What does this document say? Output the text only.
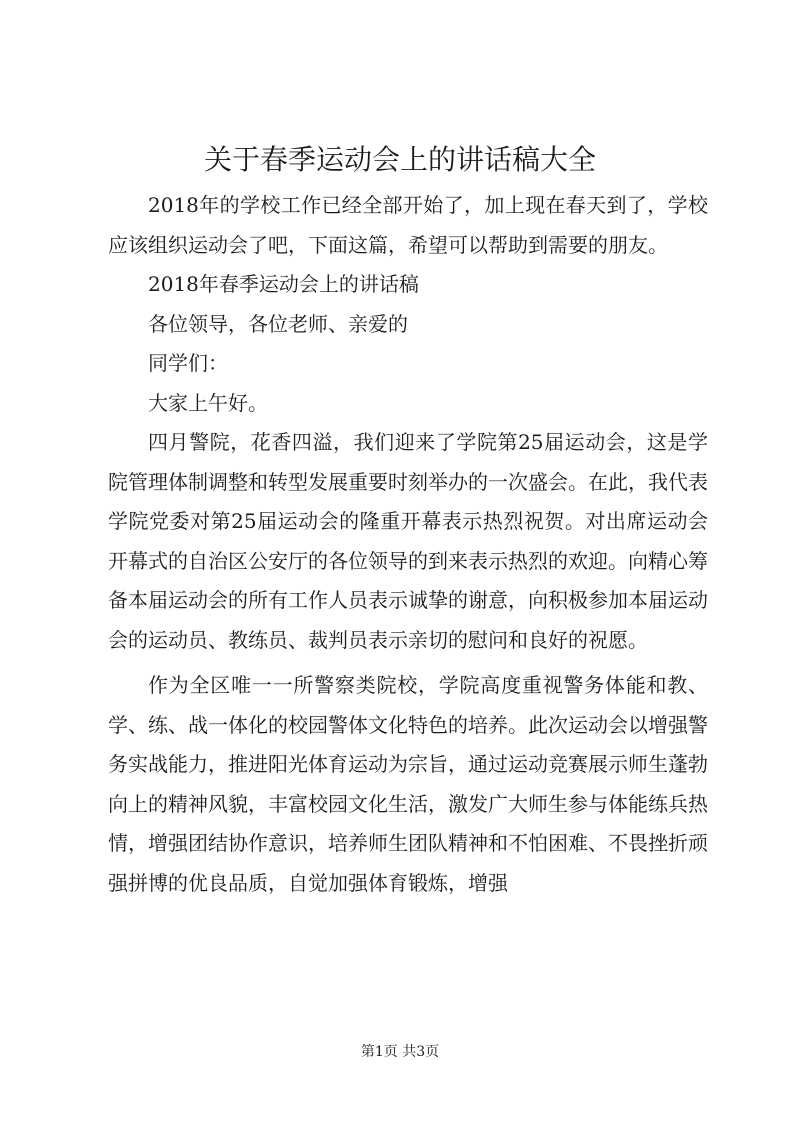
关于春季运动会上的讲话稿大全

2018年的学校工作已经全部开始了，加上现在春天到了，学校应该组织运动会了吧，下面这篇，希望可以帮助到需要的朋友。

2018年春季运动会上的讲话稿

各位领导，各位老师、亲爱的

同学们：

大家上午好。

四月警院，花香四溢，我们迎来了学院第25届运动会，这是学院管理体制调整和转型发展重要时刻举办的一次盛会。在此，我代表学院党委对第25届运动会的隆重开幕表示热烈祝贺。对出席运动会开幕式的自治区公安厅的各位领导的到来表示热烈的欢迎。向精心筹备本届运动会的所有工作人员表示诚挚的谢意，向积极参加本届运动会的运动员、教练员、裁判员表示亲切的慰问和良好的祝愿。

作为全区唯一一所警察类院校，学院高度重视警务体能和教、学、练、战一体化的校园警体文化特色的培养。此次运动会以增强警务实战能力，推进阳光体育运动为宗旨，通过运动竞赛展示师生蓬勃向上的精神风貌，丰富校园文化生活，激发广大师生参与体能练兵热情，增强团结协作意识，培养师生团队精神和不怕困难、不畏挫折顽强拼博的优良品质，自觉加强体育锻炼，增强

第1页 共3页
